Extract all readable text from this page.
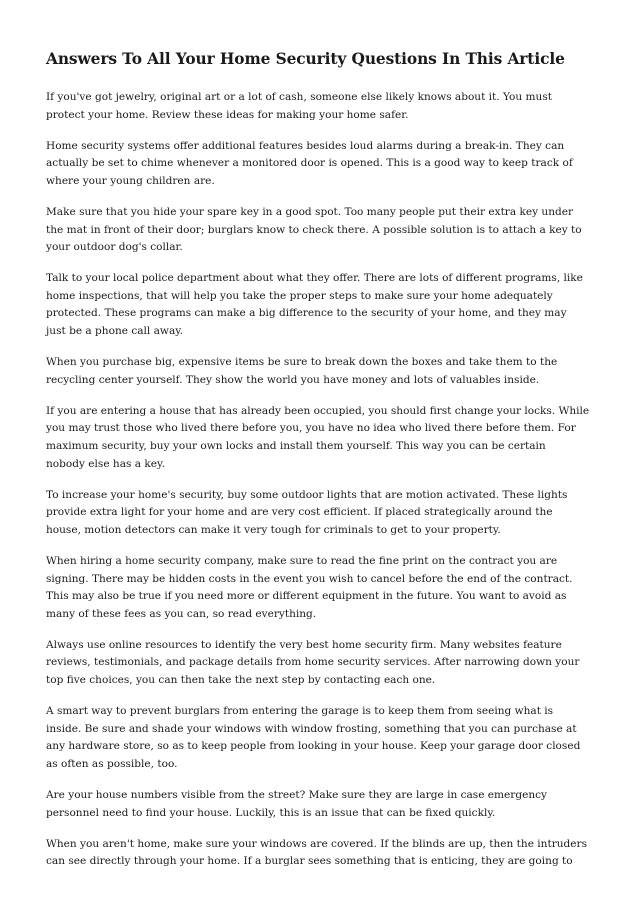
Answers To All Your Home Security Questions In This Article

If you've got jewelry, original art or a lot of cash, someone else likely knows about it. You must
protect your home. Review these ideas for making your home safer.

Home security systems offer additional features besides loud alarms during a break-in. They can
actually be set to chime whenever a monitored door is opened. This is a good way to keep track of
where your young children are.

Make sure that you hide your spare key in a good spot. Too many people put their extra key under
the mat in front of their door; burglars know to check there. A possible solution is to attach a key to
your outdoor dog's collar.

Talk to your local police department about what they offer. There are lots of different programs, like
home inspections, that will help you take the proper steps to make sure your home adequately
protected. These programs can make a big difference to the security of your home, and they may
just be a phone call away.

When you purchase big, expensive items be sure to break down the boxes and take them to the
recycling center yourself. They show the world you have money and lots of valuables inside.

If you are entering a house that has already been occupied, you should first change your locks. While
you may trust those who lived there before you, you have no idea who lived there before them. For
maximum security, buy your own locks and install them yourself. This way you can be certain
nobody else has a key.

To increase your home's security, buy some outdoor lights that are motion activated. These lights
provide extra light for your home and are very cost efficient. If placed strategically around the
house, motion detectors can make it very tough for criminals to get to your property.

When hiring a home security company, make sure to read the fine print on the contract you are
signing. There may be hidden costs in the event you wish to cancel before the end of the contract.
This may also be true if you need more or different equipment in the future. You want to avoid as
many of these fees as you can, so read everything.

Always use online resources to identify the very best home security firm. Many websites feature
reviews, testimonials, and package details from home security services. After narrowing down your
top five choices, you can then take the next step by contacting each one.

A smart way to prevent burglars from entering the garage is to keep them from seeing what is
inside. Be sure and shade your windows with window frosting, something that you can purchase at
any hardware store, so as to keep people from looking in your house. Keep your garage door closed
as often as possible, too.

Are your house numbers visible from the street? Make sure they are large in case emergency
personnel need to find your house. Luckily, this is an issue that can be fixed quickly.

When you aren't home, make sure your windows are covered. If the blinds are up, then the intruders
can see directly through your home. If a burglar sees something that is enticing, they are going to
